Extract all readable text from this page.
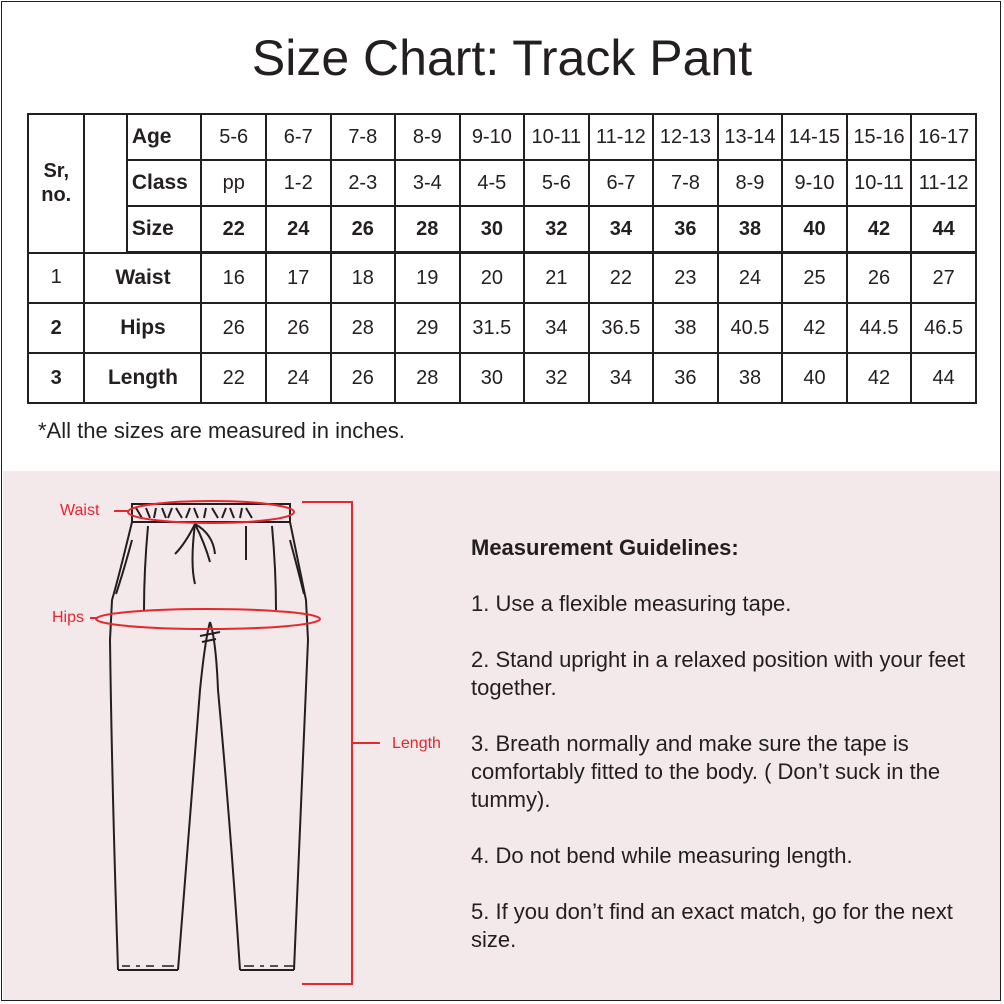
Size Chart: Track Pant
Sr, no.		Age	5-6	6-7	7-8	8-9	9-10	10-11	11-12	12-13	13-14	14-15	15-16	16-17
		Class	pp	1-2	2-3	3-4	4-5	5-6	6-7	7-8	8-9	9-10	10-11	11-12
		Size	22	24	26	28	30	32	34	36	38	40	42	44
1	Waist		16	17	18	19	20	21	22	23	24	25	26	27
2	Hips		26	26	28	29	31.5	34	36.5	38	40.5	42	44.5	46.5
3	Length		22	24	26	28	30	32	34	36	38	40	42	44
*All the sizes are measured in inches.
Waist
Hips
Length
Measurement Guidelines:
1. Use a flexible measuring tape.
2. Stand upright in a relaxed position with your feet together.
3. Breath normally and make sure the tape is comfortably fitted to the body. ( Don’t suck in the tummy).
4. Do not bend while measuring length.
5. If you don’t find an exact match, go for the next size.
